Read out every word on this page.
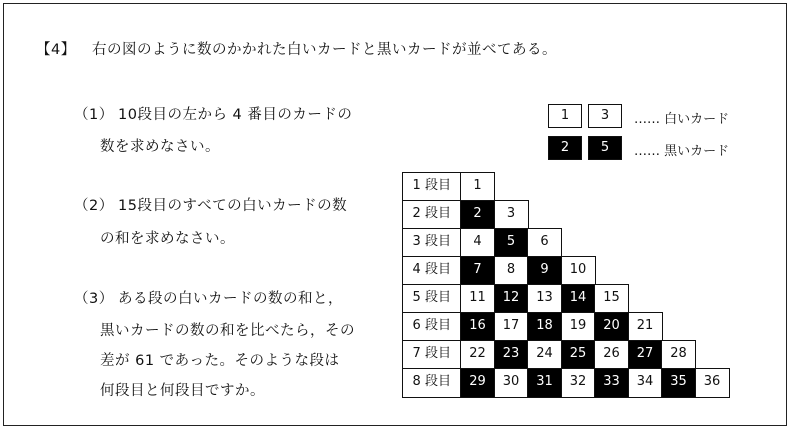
【4】 右の図のように数のかかれた白いカードと黒いカードが並べてある。
（1） 10段目の左から 4 番目のカードの
数を求めなさい。
（2） 15段目のすべての白いカードの数
の和を求めなさい。
（3） ある段の白いカードの数の和と，
黒いカードの数の和を比べたら，その
差が 61 であった。そのような段は
何段目と何段目ですか。
1	3	…… 白いカード
2	5	…… 黒いカード
1 段目	1
2 段目	2	3
3 段目	4	5	6
4 段目	7	8	9	10
5 段目	11	12	13	14	15
6 段目	16	17	18	19	20	21
7 段目	22	23	24	25	26	27	28
8 段目	29	30	31	32	33	34	35	36
